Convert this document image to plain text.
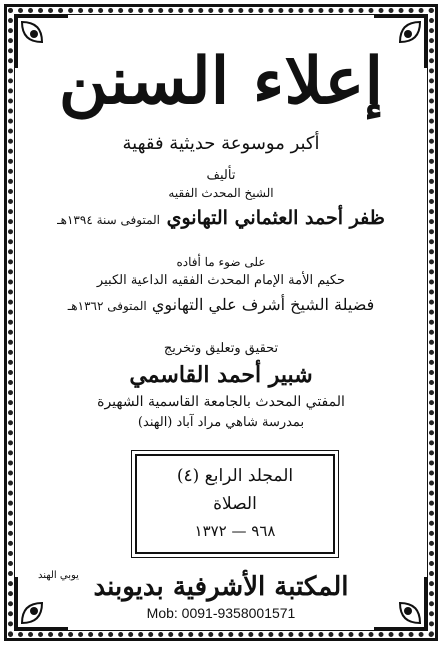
إعلاء السنن
أكبر موسوعة حديثية فقهية
تأليف
الشيخ المحدث الفقيه
ظفر أحمد العثماني التهانوي المتوفى سنة ١٣٩٤هـ
على ضوء ما أفاده
حكيم الأمة الإمام المحدث الفقيه الداعية الكبير
فضيلة الشيخ أشرف علي التهانوي المتوفى ١٣٦٢هـ
تحقيق وتعليق وتخريج
شبير أحمد القاسمي
المفتي المحدث بالجامعة القاسمية الشهيرة
بمدرسة شاهي مراد آباد (الهند)
المجلد الرابع (٤)
الصلاة
٩٦٨ — ١٣٧٢
المكتبة الأشرفية بديوبند
يوبي الهند
Mob: 0091-9358001571
